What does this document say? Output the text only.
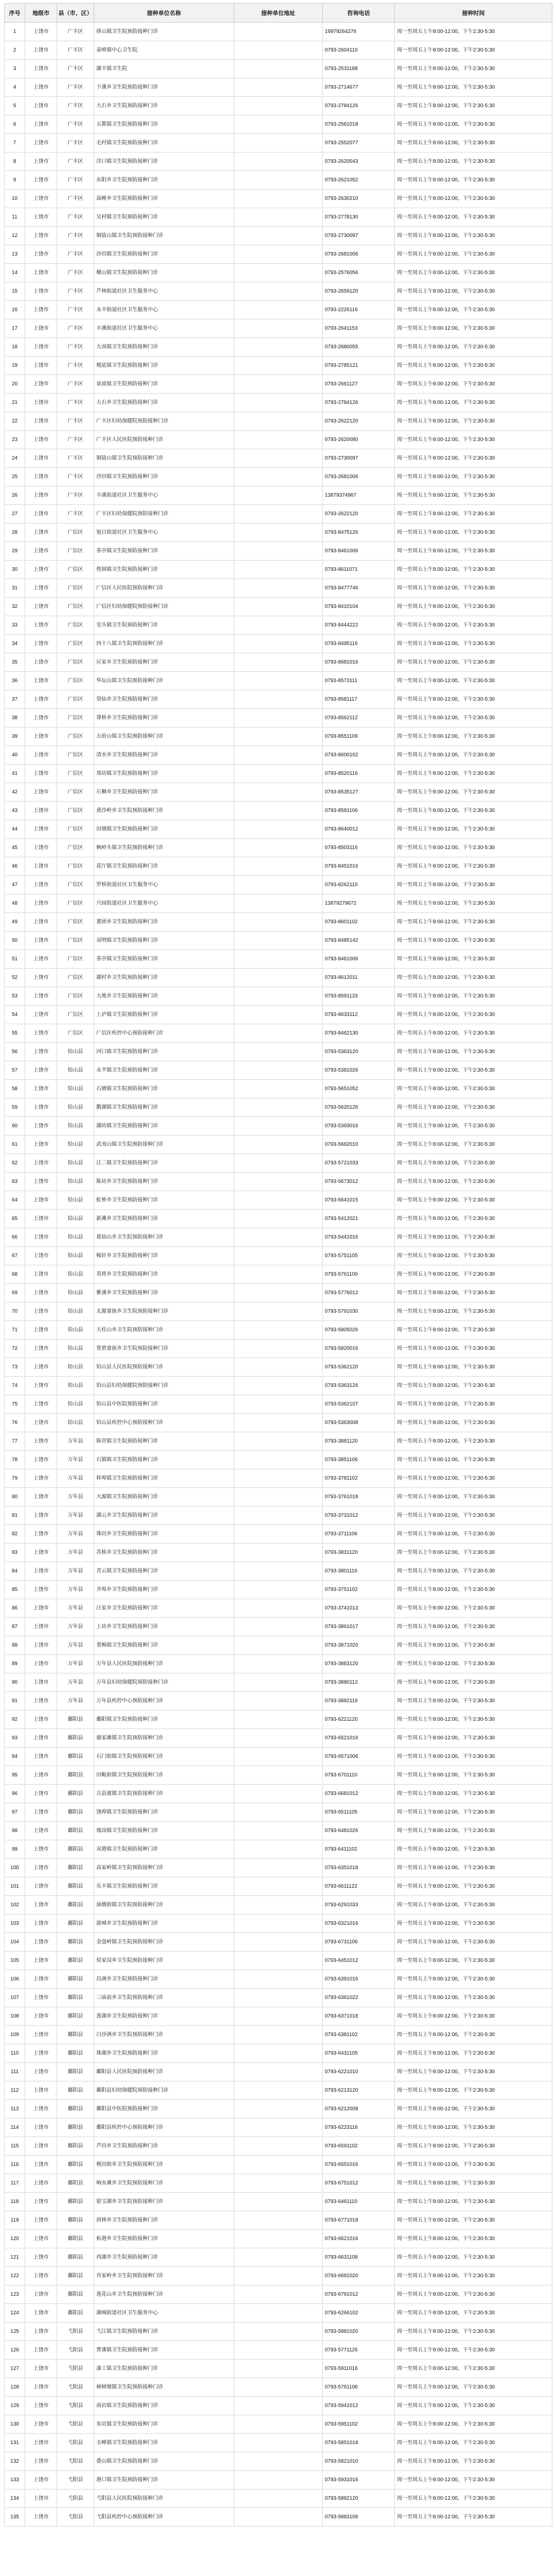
序号	地级市	县（市、区）	接种单位名称	接种单位地址	咨询电话	接种时间
1	上饶市	广丰区	排山镇卫生院预防接种门诊		19979264276	周一至周五上午8:00-12:00，下午2:30-5:30
2	上饶市	广丰区	壶峤镇中心卫生院		0793-2604110	周一至周五上午8:00-12:00，下午2:30-5:30
3	上饶市	广丰区	湖丰镇卫生院		0793-2531188	周一至周五上午8:00-12:00，下午2:30-5:30
4	上饶市	广丰区	下溪乡卫生院预防接种门诊		0793-2714677	周一至周五上午8:00-12:00，下午2:30-5:30
5	上饶市	广丰区	大石乡卫生院预防接种门诊		0793-2784126	周一至周五上午8:00-12:00，下午2:30-5:30
6	上饶市	广丰区	五都镇卫生院预防接种门诊		0793-2561018	周一至周五上午8:00-12:00，下午2:30-5:30
7	上饶市	广丰区	毛村镇卫生院预防接种门诊		0793-2552077	周一至周五上午8:00-12:00，下午2:30-5:30
8	上饶市	广丰区	洋口镇卫生院预防接种门诊		0793-2620043	周一至周五上午8:00-12:00，下午2:30-5:30
9	上饶市	广丰区	东阳乡卫生院预防接种门诊		0793-2621052	周一至周五上午8:00-12:00，下午2:30-5:30
10	上饶市	广丰区	嵩峰乡卫生院预防接种门诊		0793-2630210	周一至周五上午8:00-12:00，下午2:30-5:30
11	上饶市	广丰区	吴村镇卫生院预防接种门诊		0793-2778130	周一至周五上午8:00-12:00，下午2:30-5:30
12	上饶市	广丰区	铜钹山镇卫生院预防接种门诊		0793-2730097	周一至周五上午8:00-12:00，下午2:30-5:30
13	上饶市	广丰区	沙田镇卫生院预防接种门诊		0793-2681006	周一至周五上午8:00-12:00，下午2:30-5:30
14	上饶市	广丰区	横山镇卫生院预防接种门诊		0793-2576056	周一至周五上午8:00-12:00，下午2:30-5:30
15	上饶市	广丰区	芦林街道社区卫生服务中心		0793-2659120	周一至周五上午8:00-12:00，下午2:30-5:30
16	上饶市	广丰区	永丰街道社区卫生服务中心		0793-2226116	周一至周五上午8:00-12:00，下午2:30-5:30
17	上饶市	广丰区	丰溪街道社区卫生服务中心		0793-2641153	周一至周五上午8:00-12:00，下午2:30-5:30
18	上饶市	广丰区	大南镇卫生院预防接种门诊		0793-2680055	周一至周五上午8:00-12:00，下午2:30-5:30
19	上饶市	广丰区	枧底镇卫生院预防接种门诊		0793-2785121	周一至周五上午8:00-12:00，下午2:30-5:30
20	上饶市	广丰区	泉波镇卫生院预防接种门诊		0793-2661127	周一至周五上午8:00-12:00，下午2:30-5:30
21	上饶市	广丰区	大石乡卫生院预防接种门诊		0793-2784126	周一至周五上午8:00-12:00，下午2:30-5:30
22	上饶市	广丰区	广丰区妇幼保健院预防接种门诊		0793-2622120	周一至周五上午8:00-12:00，下午2:30-5:30
23	上饶市	广丰区	广丰区人民医院预防接种门诊		0793-2620080	周一至周五上午8:00-12:00，下午2:30-5:30
24	上饶市	广丰区	铜钹山镇卫生院预防接种门诊		0793-2730097	周一至周五上午8:00-12:00，下午2:30-5:30
25	上饶市	广丰区	沙田镇卫生院预防接种门诊		0793-2681006	周一至周五上午8:00-12:00，下午2:30-5:30
26	上饶市	广丰区	丰溪街道社区卫生服务中心		13879374967	周一至周五上午8:00-12:00，下午2:30-5:30
27	上饶市	广丰区	广丰区妇幼保健院预防接种门诊		0793-2622120	周一至周五上午8:00-12:00，下午2:30-5:30
28	上饶市	广信区	旭日街道社区卫生服务中心		0793-8475126	周一至周五上午8:00-12:00，下午2:30-5:30
29	上饶市	广信区	茶亭镇卫生院预防接种门诊		0793-8461006	周一至周五上午8:00-12:00，下午2:30-5:30
30	上饶市	广信区	煌固镇卫生院预防接种门诊		0793-8611071	周一至周五上午8:00-12:00，下午2:30-5:30
31	上饶市	广信区	广信区人民医院预防接种门诊		0793-8477746	周一至周五上午8:00-12:00，下午2:30-5:30
32	上饶市	广信区	广信区妇幼保健院预防接种门诊		0793-8410104	周一至周五上午8:00-12:00，下午2:30-5:30
33	上饶市	广信区	皂头镇卫生院预防接种门诊		0793-8444222	周一至周五上午8:00-12:00，下午2:30-5:30
34	上饶市	广信区	四十八镇卫生院预防接种门诊		0793-8495116	周一至周五上午8:00-12:00，下午2:30-5:30
35	上饶市	广信区	应家乡卫生院预防接种门诊		0793-8681016	周一至周五上午8:00-12:00，下午2:30-5:30
36	上饶市	广信区	华坛山镇卫生院预防接种门诊		0793-8573111	周一至周五上午8:00-12:00，下午2:30-5:30
37	上饶市	广信区	望仙乡卫生院预防接种门诊		0793-8581117	周一至周五上午8:00-12:00，下午2:30-5:30
38	上饶市	广信区	尊桥乡卫生院预防接种门诊		0793-8562112	周一至周五上午8:00-12:00，下午2:30-5:30
39	上饶市	广信区	五府山镇卫生院预防接种门诊		0793-8551109	周一至周五上午8:00-12:00，下午2:30-5:30
40	上饶市	广信区	清水乡卫生院预防接种门诊		0793-8600102	周一至周五上午8:00-12:00，下午2:30-5:30
41	上饶市	广信区	郑坊镇卫生院预防接种门诊		0793-8520116	周一至周五上午8:00-12:00，下午2:30-5:30
42	上饶市	广信区	石狮乡卫生院预防接种门诊		0793-8535127	周一至周五上午8:00-12:00，下午2:30-5:30
43	上饶市	广信区	黄沙岭乡卫生院预防接种门诊		0793-8591106	周一至周五上午8:00-12:00，下午2:30-5:30
44	上饶市	广信区	田墩镇卫生院预防接种门诊		0793-8640012	周一至周五上午8:00-12:00，下午2:30-5:30
45	上饶市	广信区	枫岭头镇卫生院预防接种门诊		0793-8503116	周一至周五上午8:00-12:00，下午2:30-5:30
46	上饶市	广信区	花厅镇卫生院预防接种门诊		0793-8451016	周一至周五上午8:00-12:00，下午2:30-5:30
47	上饶市	广信区	罗桥街道社区卫生服务中心		0793-8262110	周一至周五上午8:00-12:00，下午2:30-5:30
48	上饶市	广信区	兴园街道社区卫生服务中心		13879279672	周一至周五上午8:00-12:00，下午2:30-5:30
49	上饶市	广信区	董团乡卫生院预防接种门诊		0793-8601102	周一至周五上午8:00-12:00，下午2:30-5:30
50	上饶市	广信区	双明镇卫生院预防接种门诊		0793-8485142	周一至周五上午8:00-12:00，下午2:30-5:30
51	上饶市	广信区	茶亭镇卫生院预防接种门诊		0793-8461006	周一至周五上午8:00-12:00，下午2:30-5:30
52	上饶市	广信区	湖村乡卫生院预防接种门诊		0793-8612011	周一至周五上午8:00-12:00，下午2:30-5:30
53	上饶市	广信区	大地乡卫生院预防接种门诊		0793-8591133	周一至周五上午8:00-12:00，下午2:30-5:30
54	上饶市	广信区	上泸镇卫生院预防接种门诊		0793-8633112	周一至周五上午8:00-12:00，下午2:30-5:30
55	上饶市	广信区	广信区疾控中心预防接种门诊		0793-8462130	周一至周五上午8:00-12:00，下午2:30-5:30
56	上饶市	铅山县	河口镇卫生院预防接种门诊		0793-5363120	周一至周五上午8:00-12:00，下午2:30-5:30
57	上饶市	铅山县	永平镇卫生院预防接种门诊		0793-5381026	周一至周五上午8:00-12:00，下午2:30-5:30
58	上饶市	铅山县	石塘镇卫生院预防接种门诊		0793-5651052	周一至周五上午8:00-12:00，下午2:30-5:30
59	上饶市	铅山县	鹅湖镇卫生院预防接种门诊		0793-5620126	周一至周五上午8:00-12:00，下午2:30-5:30
60	上饶市	铅山县	湖坊镇卫生院预防接种门诊		0793-5393016	周一至周五上午8:00-12:00，下午2:30-5:30
61	上饶市	铅山县	武夷山镇卫生院预防接种门诊		0793-5682010	周一至周五上午8:00-12:00，下午2:30-5:30
62	上饶市	铅山县	汪二镇卫生院预防接种门诊		0793-5721033	周一至周五上午8:00-12:00，下午2:30-5:30
63	上饶市	铅山县	陈坊乡卫生院预防接种门诊		0793-5673012	周一至周五上午8:00-12:00，下午2:30-5:30
64	上饶市	铅山县	虹桥乡卫生院预防接种门诊		0793-5641015	周一至周五上午8:00-12:00，下午2:30-5:30
65	上饶市	铅山县	新滩乡卫生院预防接种门诊		0793-5412021	周一至周五上午8:00-12:00，下午2:30-5:30
66	上饶市	铅山县	葛仙山乡卫生院预防接种门诊		0793-5441016	周一至周五上午8:00-12:00，下午2:30-5:30
67	上饶市	铅山县	稼轩乡卫生院预防接种门诊		0793-5751105	周一至周五上午8:00-12:00，下午2:30-5:30
68	上饶市	铅山县	英将乡卫生院预防接种门诊		0793-5761100	周一至周五上午8:00-12:00，下午2:30-5:30
69	上饶市	铅山县	紫溪乡卫生院预防接种门诊		0793-5776012	周一至周五上午8:00-12:00，下午2:30-5:30
70	上饶市	铅山县	太源畲族乡卫生院预防接种门诊		0793-5791030	周一至周五上午8:00-12:00，下午2:30-5:30
71	上饶市	铅山县	天柱山乡卫生院预防接种门诊		0793-5805026	周一至周五上午8:00-12:00，下午2:30-5:30
72	上饶市	铅山县	篁碧畲族乡卫生院预防接种门诊		0793-5820016	周一至周五上午8:00-12:00，下午2:30-5:30
73	上饶市	铅山县	铅山县人民医院预防接种门诊		0793-5362120	周一至周五上午8:00-12:00，下午2:30-5:30
74	上饶市	铅山县	铅山县妇幼保健院预防接种门诊		0793-5363126	周一至周五上午8:00-12:00，下午2:30-5:30
75	上饶市	铅山县	铅山县中医院预防接种门诊		0793-5362107	周一至周五上午8:00-12:00，下午2:30-5:30
76	上饶市	铅山县	铅山县疾控中心预防接种门诊		0793-5363008	周一至周五上午8:00-12:00，下午2:30-5:30
77	上饶市	万年县	陈营镇卫生院预防接种门诊		0793-3881120	周一至周五上午8:00-12:00，下午2:30-5:30
78	上饶市	万年县	石镇镇卫生院预防接种门诊		0793-3851106	周一至周五上午8:00-12:00，下午2:30-5:30
79	上饶市	万年县	梓埠镇卫生院预防接种门诊		0793-3781102	周一至周五上午8:00-12:00，下午2:30-5:30
80	上饶市	万年县	大源镇卫生院预防接种门诊		0793-3761018	周一至周五上午8:00-12:00，下午2:30-5:30
81	上饶市	万年县	湖云乡卫生院预防接种门诊		0793-3731012	周一至周五上午8:00-12:00，下午2:30-5:30
82	上饶市	万年县	珠田乡卫生院预防接种门诊		0793-3711106	周一至周五上午8:00-12:00，下午2:30-5:30
83	上饶市	万年县	苏桥乡卫生院预防接种门诊		0793-3831120	周一至周五上午8:00-12:00，下午2:30-5:30
84	上饶市	万年县	青云镇卫生院预防接种门诊		0793-3801116	周一至周五上午8:00-12:00，下午2:30-5:30
85	上饶市	万年县	齐埠乡卫生院预防接种门诊		0793-3751102	周一至周五上午8:00-12:00，下午2:30-5:30
86	上饶市	万年县	汪家乡卫生院预防接种门诊		0793-3741013	周一至周五上午8:00-12:00，下午2:30-5:30
87	上饶市	万年县	上坊乡卫生院预防接种门诊		0793-3861017	周一至周五上午8:00-12:00，下午2:30-5:30
88	上饶市	万年县	裴梅镇卫生院预防接种门诊		0793-3871020	周一至周五上午8:00-12:00，下午2:30-5:30
89	上饶市	万年县	万年县人民医院预防接种门诊		0793-3883120	周一至周五上午8:00-12:00，下午2:30-5:30
90	上饶市	万年县	万年县妇幼保健院预防接种门诊		0793-3880112	周一至周五上午8:00-12:00，下午2:30-5:30
91	上饶市	万年县	万年县疾控中心预防接种门诊		0793-3882116	周一至周五上午8:00-12:00，下午2:30-5:30
92	上饶市	鄱阳县	鄱阳镇卫生院预防接种门诊		0793-6221120	周一至周五上午8:00-12:00，下午2:30-5:30
93	上饶市	鄱阳县	谢家滩镇卫生院预防接种门诊		0793-6521016	周一至周五上午8:00-12:00，下午2:30-5:30
94	上饶市	鄱阳县	石门街镇卫生院预防接种门诊		0793-6571006	周一至周五上午8:00-12:00，下午2:30-5:30
95	上饶市	鄱阳县	田畈街镇卫生院预防接种门诊		0793-6701110	周一至周五上午8:00-12:00，下午2:30-5:30
96	上饶市	鄱阳县	古县渡镇卫生院预防接种门诊		0793-6681012	周一至周五上午8:00-12:00，下午2:30-5:30
97	上饶市	鄱阳县	饶埠镇卫生院预防接种门诊		0793-6511105	周一至周五上午8:00-12:00，下午2:30-5:30
98	上饶市	鄱阳县	凰岗镇卫生院预防接种门诊		0793-6481026	周一至周五上午8:00-12:00，下午2:30-5:30
99	上饶市	鄱阳县	双港镇卫生院预防接种门诊		0793-6411102	周一至周五上午8:00-12:00，下午2:30-5:30
100	上饶市	鄱阳县	高家岭镇卫生院预防接种门诊		0793-6351018	周一至周五上午8:00-12:00，下午2:30-5:30
101	上饶市	鄱阳县	乐丰镇卫生院预防接种门诊		0793-6611122	周一至周五上午8:00-12:00，下午2:30-5:30
102	上饶市	鄱阳县	油墩街镇卫生院预防接种门诊		0793-6291033	周一至周五上午8:00-12:00，下午2:30-5:30
103	上饶市	鄱阳县	游城乡卫生院预防接种门诊		0793-6321016	周一至周五上午8:00-12:00，下午2:30-5:30
104	上饶市	鄱阳县	金盘岭镇卫生院预防接种门诊		0793-6731106	周一至周五上午8:00-12:00，下午2:30-5:30
105	上饶市	鄱阳县	侯家岗乡卫生院预防接种门诊		0793-6451012	周一至周五上午8:00-12:00，下午2:30-5:30
106	上饶市	鄱阳县	昌洲乡卫生院预防接种门诊		0793-6391016	周一至周五上午8:00-12:00，下午2:30-5:30
107	上饶市	鄱阳县	三庙前乡卫生院预防接种门诊		0793-6361022	周一至周五上午8:00-12:00，下午2:30-5:30
108	上饶市	鄱阳县	莲湖乡卫生院预防接种门诊		0793-6371018	周一至周五上午8:00-12:00，下午2:30-5:30
109	上饶市	鄱阳县	白沙洲乡卫生院预防接种门诊		0793-6381102	周一至周五上午8:00-12:00，下午2:30-5:30
110	上饶市	鄱阳县	珠湖乡卫生院预防接种门诊		0793-6431105	周一至周五上午8:00-12:00，下午2:30-5:30
111	上饶市	鄱阳县	鄱阳县人民医院预防接种门诊		0793-6221010	周一至周五上午8:00-12:00，下午2:30-5:30
112	上饶市	鄱阳县	鄱阳县妇幼保健院预防接种门诊		0793-6213120	周一至周五上午8:00-12:00，下午2:30-5:30
113	上饶市	鄱阳县	鄱阳县中医院预防接种门诊		0793-6212008	周一至周五上午8:00-12:00，下午2:30-5:30
114	上饶市	鄱阳县	鄱阳县疾控中心预防接种门诊		0793-6223116	周一至周五上午8:00-12:00，下午2:30-5:30
115	上饶市	鄱阳县	芦田乡卫生院预防接种门诊		0793-6591102	周一至周五上午8:00-12:00，下午2:30-5:30
116	上饶市	鄱阳县	枧田街乡卫生院预防接种门诊		0793-6551016	周一至周五上午8:00-12:00，下午2:30-5:30
117	上饶市	鄱阳县	响水滩乡卫生院预防接种门诊		0793-6751012	周一至周五上午8:00-12:00，下午2:30-5:30
118	上饶市	鄱阳县	银宝湖乡卫生院预防接种门诊		0793-6461110	周一至周五上午8:00-12:00，下午2:30-5:30
119	上饶市	鄱阳县	团林乡卫生院预防接种门诊		0793-6771018	周一至周五上午8:00-12:00，下午2:30-5:30
120	上饶市	鄱阳县	柘港乡卫生院预防接种门诊		0793-6621016	周一至周五上午8:00-12:00，下午2:30-5:30
121	上饶市	鄱阳县	西湖乡卫生院预防接种门诊		0793-6631108	周一至周五上午8:00-12:00，下午2:30-5:30
122	上饶市	鄱阳县	肖家岭乡卫生院预防接种门诊		0793-6691020	周一至周五上午8:00-12:00，下午2:30-5:30
123	上饶市	鄱阳县	莲花山乡卫生院预防接种门诊		0793-6791012	周一至周五上午8:00-12:00，下午2:30-5:30
124	上饶市	鄱阳县	湖城街道社区卫生服务中心		0793-6266102	周一至周五上午8:00-12:00，下午2:30-5:30
125	上饶市	弋阳县	弋江镇卫生院预防接种门诊		0793-5881020	周一至周五上午8:00-12:00，下午2:30-5:30
126	上饶市	弋阳县	曹溪镇卫生院预防接种门诊		0793-5771126	周一至周五上午8:00-12:00，下午2:30-5:30
127	上饶市	弋阳县	漆工镇卫生院预防接种门诊		0793-5911016	周一至周五上午8:00-12:00，下午2:30-5:30
128	上饶市	弋阳县	樟树墩镇卫生院预防接种门诊		0793-5761106	周一至周五上午8:00-12:00，下午2:30-5:30
129	上饶市	弋阳县	南岩镇卫生院预防接种门诊		0793-5941012	周一至周五上午8:00-12:00，下午2:30-5:30
130	上饶市	弋阳县	朱坑镇卫生院预防接种门诊		0793-5951102	周一至周五上午8:00-12:00，下午2:30-5:30
131	上饶市	弋阳县	圭峰镇卫生院预防接种门诊		0793-5851018	周一至周五上午8:00-12:00，下午2:30-5:30
132	上饶市	弋阳县	叠山镇卫生院预防接种门诊		0793-5821010	周一至周五上午8:00-12:00，下午2:30-5:30
133	上饶市	弋阳县	港口镇卫生院预防接种门诊		0793-5931016	周一至周五上午8:00-12:00，下午2:30-5:30
134	上饶市	弋阳县	弋阳县人民医院预防接种门诊		0793-5882120	周一至周五上午8:00-12:00，下午2:30-5:30
135	上饶市	弋阳县	弋阳县疾控中心预防接种门诊		0793-5883106	周一至周五上午8:00-12:00，下午2:30-5:30
